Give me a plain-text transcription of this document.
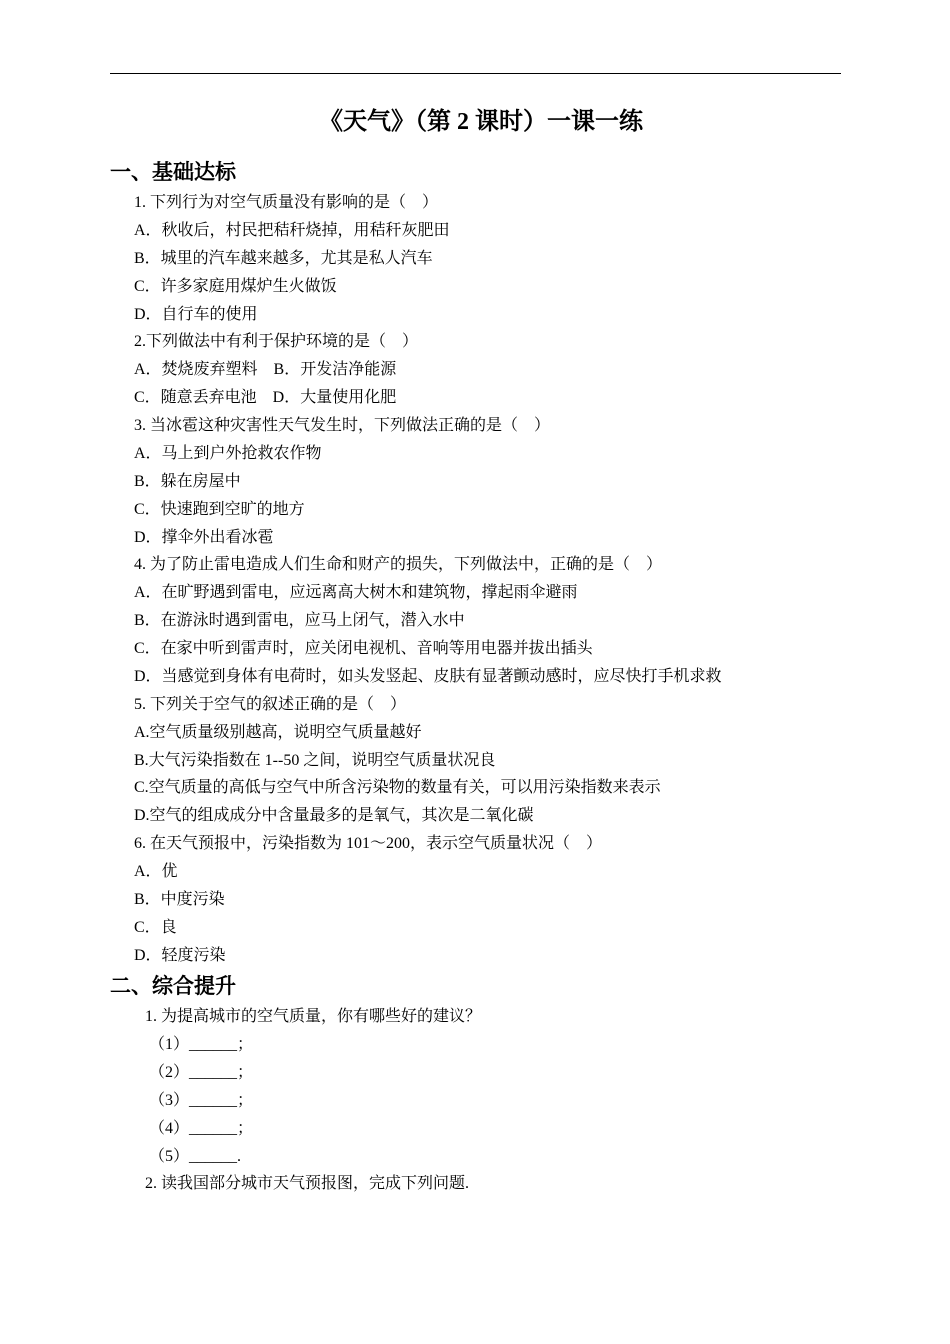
《天气》（第 2 课时）一课一练
一、基础达标
1. 下列行为对空气质量没有影响的是（　）
A．秋收后，村民把秸秆烧掉，用秸秆灰肥田
B．城里的汽车越来越多，尤其是私人汽车
C．许多家庭用煤炉生火做饭
D．自行车的使用
2.下列做法中有利于保护环境的是（　）
A．焚烧废弃塑料　B．开发洁净能源
C．随意丢弃电池　D．大量使用化肥
3. 当冰雹这种灾害性天气发生时，下列做法正确的是（　）
A．马上到户外抢救农作物
B．躲在房屋中
C．快速跑到空旷的地方
D．撑伞外出看冰雹
4. 为了防止雷电造成人们生命和财产的损失，下列做法中，正确的是（　）
A．在旷野遇到雷电，应远离高大树木和建筑物，撑起雨伞避雨
B．在游泳时遇到雷电，应马上闭气，潜入水中
C．在家中听到雷声时，应关闭电视机、音响等用电器并拔出插头
D．当感觉到身体有电荷时，如头发竖起、皮肤有显著颤动感时，应尽快打手机求救
5. 下列关于空气的叙述正确的是（　）
A.空气质量级别越高，说明空气质量越好
B.大气污染指数在 1--50 之间，说明空气质量状况良
C.空气质量的高低与空气中所含污染物的数量有关，可以用污染指数来表示
D.空气的组成成分中含量最多的是氧气，其次是二氧化碳
6. 在天气预报中，污染指数为 101～200，表示空气质量状况（　）
A．优
B．中度污染
C．良
D．轻度污染
二、综合提升
1. 为提高城市的空气质量，你有哪些好的建议？
（1）______；
（2）______；
（3）______；
（4）______；
（5）______.
2. 读我国部分城市天气预报图，完成下列问题.
